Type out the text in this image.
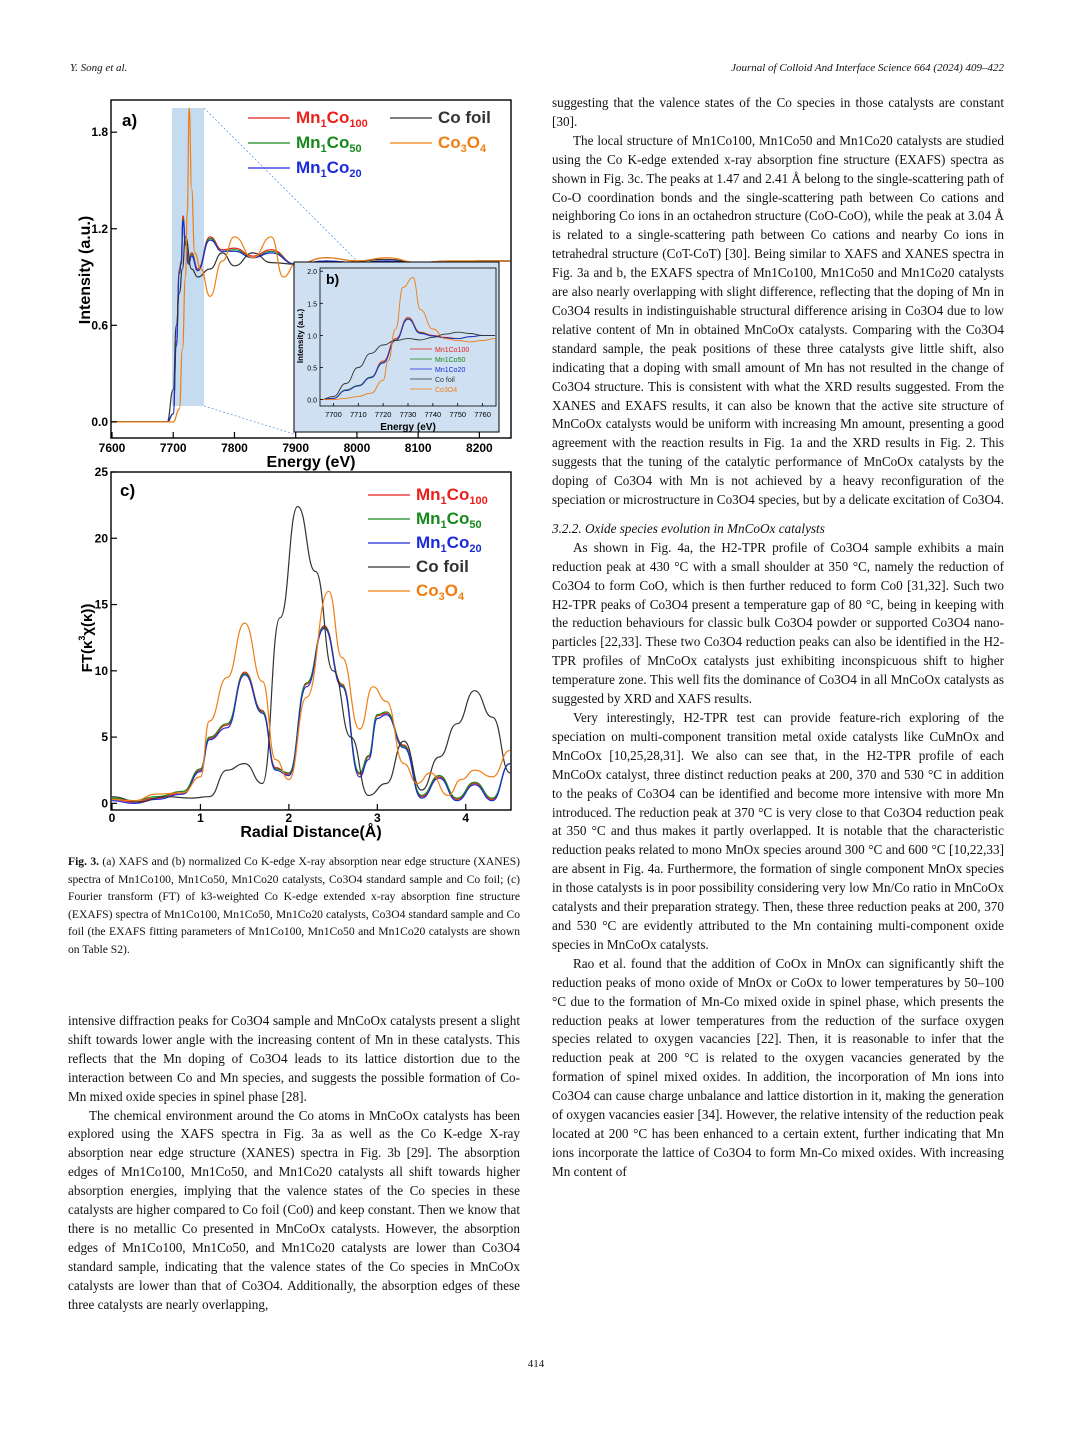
Y. Song et al.	Journal of Colloid And Interface Science 664 (2024) 409–422
a)	$Mn_1Co_{100}$
$Mn_1Co_{50}$
$Mn_1Co_{20}$
Co foil
$Co_3O_4$
0.0
0.6
1.2
1.8
7600	7700	7800	7900	8000	8100	8200
Energy (eV)
Intensity (a.u.)	b)
Mn1Co100
Mn1Co50
Mn1Co20
Co foil
Co3O4
0.0
0.5
1.0
1.5
2.0
7700 7710 7720 7730 7740 7750 7760
Energy (eV)
Intensity (a.u.)
c)	$Mn_1Co_{100}$
$Mn_1Co_{50}$
$Mn_1Co_{20}$
Co foil
$Co_3O_4$
0
5
10
15
20
25
0	1	2	3	4
Radial Distance(Å)
$FT(\kappa^3\chi(\kappa))$
Fig. 3. (a) XAFS and (b) normalized Co K-edge X-ray absorption near edge structure (XANES) spectra of Mn1Co100, Mn1Co50, Mn1Co20 catalysts, Co3O4 standard sample and Co foil; (c) Fourier transform (FT) of k3-weighted Co K-edge extended x-ray absorption fine structure (EXAFS) spectra of Mn1Co100, Mn1Co50, Mn1Co20 catalysts, Co3O4 standard sample and Co foil (the EXAFS fitting parameters of Mn1Co100, Mn1Co50 and Mn1Co20 catalysts are shown on Table S2).

intensive diffraction peaks for Co3O4 sample and MnCoOx catalysts present a slight shift towards lower angle with the increasing content of Mn in these catalysts. This reflects that the Mn doping of Co3O4 leads to its lattice distortion due to the interaction between Co and Mn species, and suggests the possible formation of Co-Mn mixed oxide species in spinel phase [28].

The chemical environment around the Co atoms in MnCoOx catalysts has been explored using the XAFS spectra in Fig. 3a as well as the Co K-edge X-ray absorption near edge structure (XANES) spectra in Fig. 3b [29]. The absorption edges of Mn1Co100, Mn1Co50, and Mn1Co20 catalysts all shift towards higher absorption energies, implying that the valence states of the Co species in these catalysts are higher compared to Co foil (Co0) and keep constant. Then we know that there is no metallic Co presented in MnCoOx catalysts. However, the absorption edges of Mn1Co100, Mn1Co50, and Mn1Co20 catalysts are lower than Co3O4 standard sample, indicating that the valence states of the Co species in MnCoOx catalysts are lower than that of Co3O4. Additionally, the absorption edges of these three catalysts are nearly overlapping,

suggesting that the valence states of the Co species in those catalysts are constant [30].

The local structure of Mn1Co100, Mn1Co50 and Mn1Co20 catalysts are studied using the Co K-edge extended x-ray absorption fine structure (EXAFS) spectra as shown in Fig. 3c. The peaks at 1.47 and 2.41 Å belong to the single-scattering path of Co-O coordination bonds and the single-scattering path between Co cations and neighboring Co ions in an octahedron structure (CoO-CoO), while the peak at 3.04 Å is related to a single-scattering path between Co cations and nearby Co ions in tetrahedral structure (CoT-CoT) [30]. Being similar to XAFS and XANES spectra in Fig. 3a and b, the EXAFS spectra of Mn1Co100, Mn1Co50 and Mn1Co20 catalysts are also nearly overlapping with slight difference, reflecting that the doping of Mn in Co3O4 results in indistinguishable structural difference arising in Co3O4 due to low relative content of Mn in obtained MnCoOx catalysts. Comparing with the Co3O4 standard sample, the peak positions of these three catalysts give little shift, also indicating that a doping with small amount of Mn has not resulted in the change of Co3O4 structure. This is consistent with what the XRD results suggested. From the XANES and EXAFS results, it can also be known that the active site structure of MnCoOx catalysts would be uniform with increasing Mn amount, presenting a good agreement with the reaction results in Fig. 1a and the XRD results in Fig. 2. This suggests that the tuning of the catalytic performance of MnCoOx catalysts by the doping of Co3O4 with Mn is not achieved by a heavy reconfiguration of the speciation or microstructure in Co3O4 species, but by a delicate excitation of Co3O4.

3.2.2. Oxide species evolution in MnCoOx catalysts

As shown in Fig. 4a, the H2-TPR profile of Co3O4 sample exhibits a main reduction peak at 430 °C with a small shoulder at 350 °C, namely the reduction of Co3O4 to form CoO, which is then further reduced to form Co0 [31,32]. Such two H2-TPR peaks of Co3O4 present a temperature gap of 80 °C, being in keeping with the reduction behaviours for classic bulk Co3O4 powder or supported Co3O4 nano-particles [22,33]. These two Co3O4 reduction peaks can also be identified in the H2-TPR profiles of MnCoOx catalysts just exhibiting inconspicuous shift to higher temperature zone. This well fits the dominance of Co3O4 in all MnCoOx catalysts as suggested by XRD and XAFS results.

Very interestingly, H2-TPR test can provide feature-rich exploring of the speciation on multi-component transition metal oxide catalysts like CuMnOx and MnCoOx [10,25,28,31]. We also can see that, in the H2-TPR profile of each MnCoOx catalyst, three distinct reduction peaks at 200, 370 and 530 °C in addition to the peaks of Co3O4 can be identified and become more intensive with more Mn introduced. The reduction peak at 370 °C is very close to that Co3O4 reduction peak at 350 °C and thus makes it partly overlapped. It is notable that the characteristic reduction peaks related to mono MnOx species around 300 °C and 600 °C [10,22,33] are absent in Fig. 4a. Furthermore, the formation of single component MnOx species in those catalysts is in poor possibility considering very low Mn/Co ratio in MnCoOx catalysts and their preparation strategy. Then, these three reduction peaks at 200, 370 and 530 °C are evidently attributed to the Mn containing multi-component oxide species in MnCoOx catalysts.

Rao et al. found that the addition of CoOx in MnOx can significantly shift the reduction peaks of mono oxide of MnOx or CoOx to lower temperatures by 50–100 °C due to the formation of Mn-Co mixed oxide in spinel phase, which presents the reduction peaks at lower temperatures from the reduction of the surface oxygen species related to oxygen vacancies [22]. Then, it is reasonable to infer that the reduction peak at 200 °C is related to the oxygen vacancies generated by the formation of spinel mixed oxides. In addition, the incorporation of Mn ions into Co3O4 can cause charge unbalance and lattice distortion in it, making the generation of oxygen vacancies easier [34]. However, the relative intensity of the reduction peak located at 200 °C has been enhanced to a certain extent, further indicating that Mn ions incorporate the lattice of Co3O4 to form Mn-Co mixed oxides. With increasing Mn content of

414
